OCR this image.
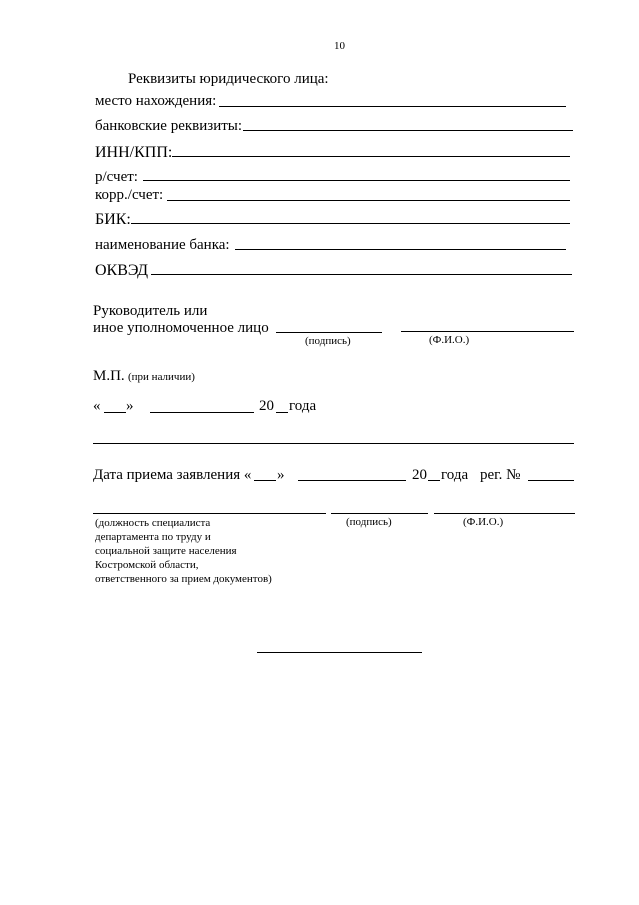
10
Реквизиты юридического лица:
место нахождения:
банковские реквизиты:
ИНН/КПП:
р/счет:
корр./счет:
БИК:
наименование банка:
ОКВЭД
Руководитель или
иное уполномоченное лицо
(подпись)	(Ф.И.О.)
М.П. (при наличии)
« »	20 года
Дата приема заявления « »	20 года рег. №
(должность специалиста
департамента по труду и
социальной защите населения
Костромской области,
ответственного за прием документов)
(подпись)	(Ф.И.О.)
